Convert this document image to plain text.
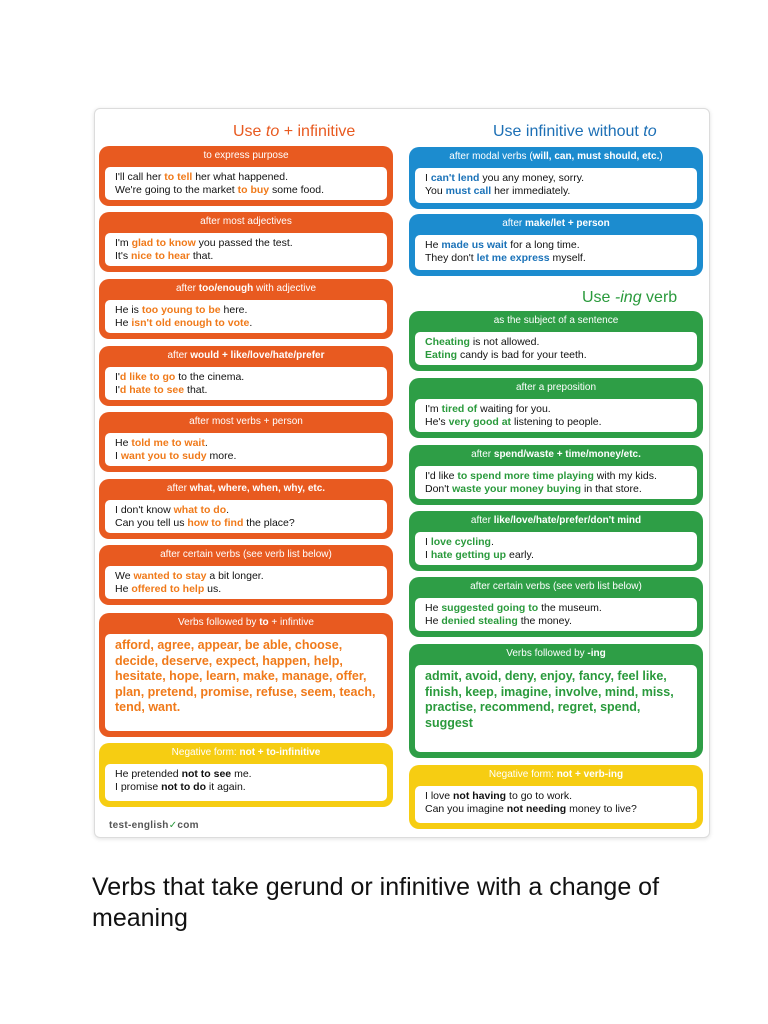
Use to + infinitive	Use infinitive without to
Use -ing verb
to express purpose
I'll call her to tell her what happened.
We're going to the market to buy some food.
after most adjectives
I'm glad to know you passed the test.
It's nice to hear that.
after too/enough with adjective
He is too young to be here.
He isn't old enough to vote.
after would + like/love/hate/prefer
I'd like to go to the cinema.
I'd hate to see that.
after most verbs + person
He told me to wait.
I want you to sudy more.
after what, where, when, why, etc.
I don't know what to do.
Can you tell us how to find the place?
after certain verbs (see verb list below)
We wanted to stay a bit longer.
He offered to help us.
Verbs followed by to + infintive
afford, agree, appear, be able, choose, decide, deserve, expect, happen, help, hesitate, hope, learn, make, manage, offer, plan, pretend, promise, refuse, seem, teach, tend, want.
Negative form: not + to-infinitive
He pretended not to see me.
I promise not to do it again.
after modal verbs (will, can, must should, etc.)
I can't lend you any money, sorry.
You must call her immediately.
after make/let + person
He made us wait for a long time.
They don't let me express myself.
as the subject of a sentence
Cheating is not allowed.
Eating candy is bad for your teeth.
after a preposition
I'm tired of waiting for you.
He's very good at listening to people.
after spend/waste + time/money/etc.
I'd like to spend more time playing with my kids.
Don't waste your money buying in that store.
after like/love/hate/prefer/don't mind
I love cycling.
I hate getting up early.
after certain verbs (see verb list below)
He suggested going to the museum.
He denied stealing the money.
Verbs followed by -ing
admit, avoid, deny, enjoy, fancy, feel like, finish, keep, imagine, involve, mind, miss, practise, recommend, regret, spend, suggest
Negative form: not + verb-ing
I love not having to go to work.
Can you imagine not needing money to live?
test-english✓com
Verbs that take gerund or infinitive with a change of meaning
